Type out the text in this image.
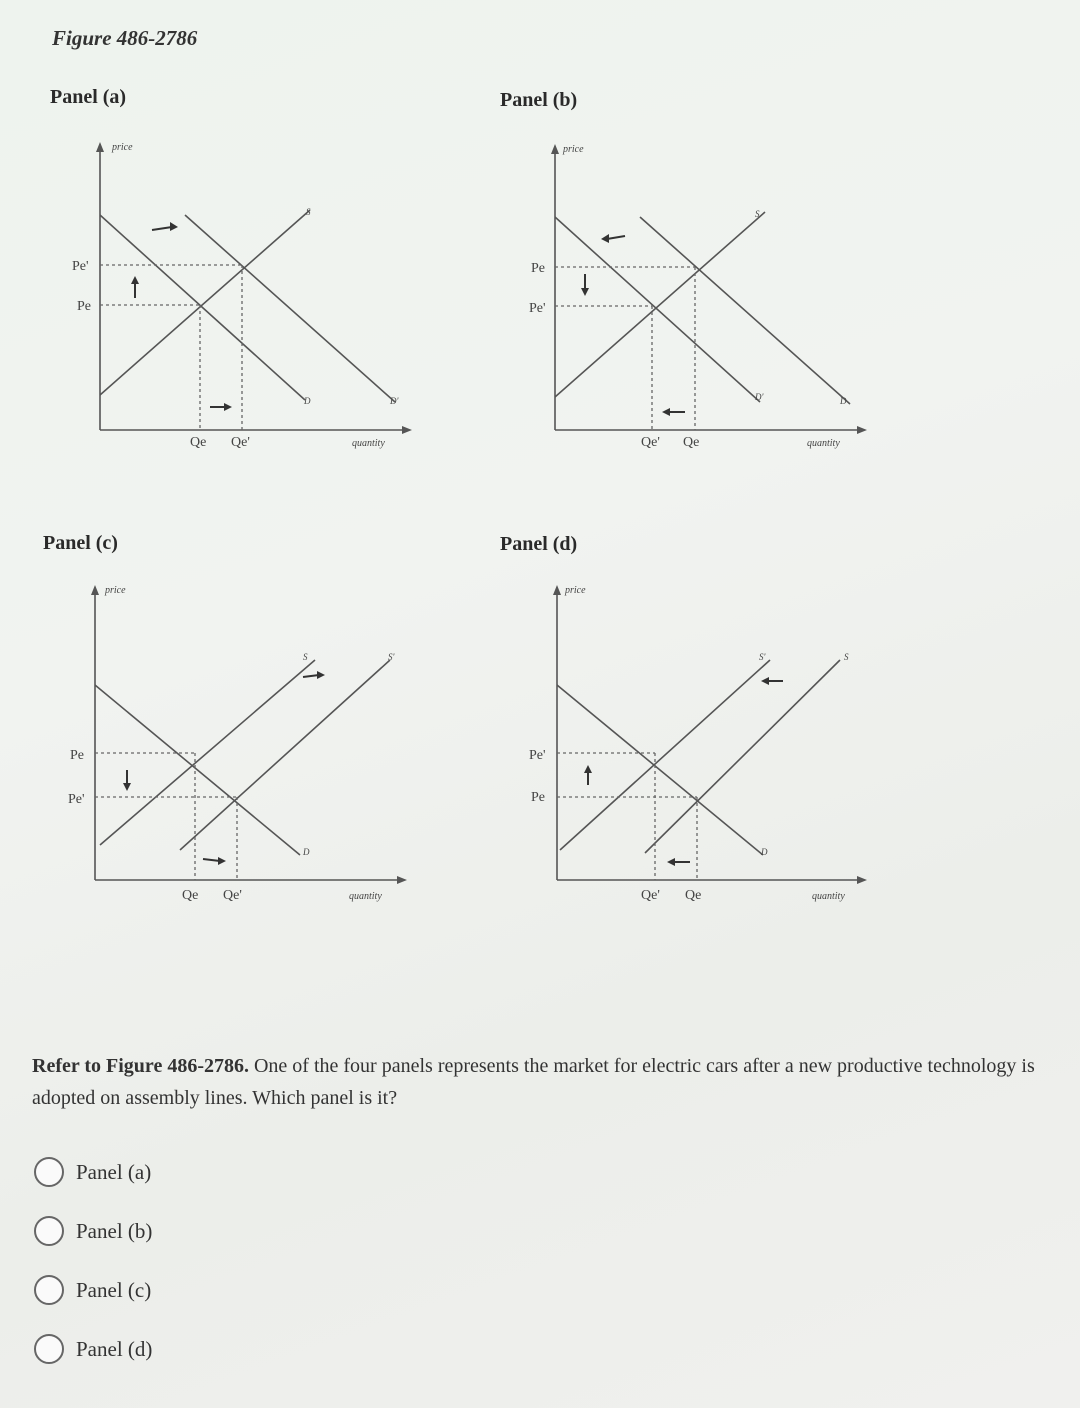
Figure 486-2786
Panel (a)
Pe'
Pe
Qe Qe'
S
D	D'
price
quantity
Panel (b)
Pe
Pe'
Qe' Qe
S
D'	D
price
quantity
Panel (c)
Pe
Pe'
Qe Qe'
S	S'
D
price
quantity
Panel (d)
Pe'
Pe
Qe' Qe
S'	S
D
price
quantity
Refer to Figure 486-2786. One of the four panels represents the market for electric cars after a new productive technology is adopted on assembly lines. Which panel is it?
Panel (a)
Panel (b)
Panel (c)
Panel (d)
